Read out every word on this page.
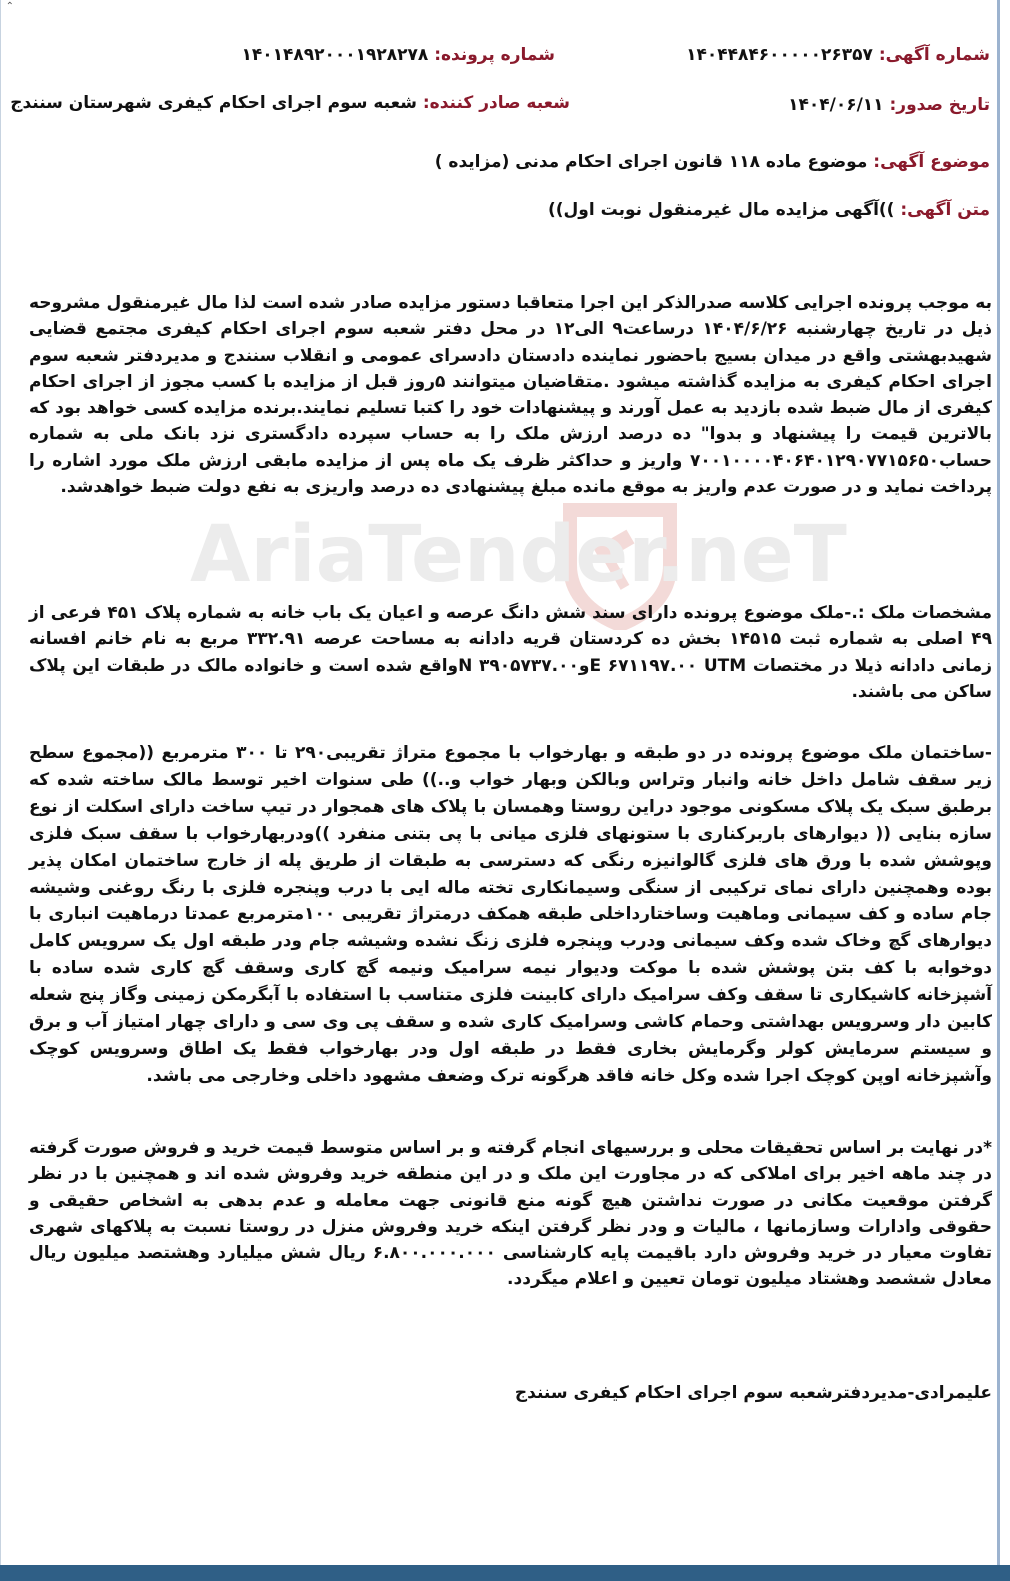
⌃
AriaTender.neT
شماره آگهی: ۱۴۰۴۴۸۴۶۰۰۰۰۰۲۶۳۵۷
شماره پرونده: ۱۴۰۱۴۸۹۲۰۰۰۱۹۲۸۲۷۸
تاریخ صدور: ۱۴۰۴/۰۶/۱۱
شعبه صادر کننده: شعبه سوم اجرای احکام کیفری شهرستان سنندج
موضوع آگهی: موضوع ماده ۱۱۸ قانون اجرای احکام مدنی (مزایده )
متن آگهی: ))آگهی مزایده مال غیرمنقول نوبت اول))
به موجب پرونده اجرایی کلاسه صدرالذکر این اجرا متعاقبا دستور مزایده صادر شده است لذا مال غیرمنقول مشروحه ذیل در تاریخ چهارشنبه ۱۴۰۴/۶/۲۶ درساعت۹ الی۱۲ در محل دفتر شعبه سوم اجرای احکام کیفری مجتمع قضایی شهیدبهشتی واقع در میدان بسیج باحضور نماینده دادستان دادسرای عمومی و انقلاب سنندج و مدیردفتر شعبه سوم اجرای احکام کیفری به مزایده گذاشته میشود .متقاضیان میتوانند ۵روز قبل از مزایده با کسب مجوز از اجرای احکام کیفری از مال ضبط شده بازدید به عمل آورند و پیشنهادات خود را کتبا تسلیم نمایند.برنده مزایده کسی خواهد بود که بالاترین قیمت را پیشنهاد و بدوا" ده درصد ارزش ملک را به حساب سپرده دادگستری نزد بانک ملی به شماره حساب۷۰۰۱۰۰۰۰۴۰۶۴۰۱۲۹۰۷۷۱۵۶۵۰ واریز و حداکثر ظرف یک ماه پس از مزایده مابقی ارزش ملک مورد اشاره را پرداخت نماید و در صورت عدم واریز به موقع مانده مبلغ پیشنهادی ده درصد واریزی به نفع دولت ضبط خواهدشد.
مشخصات ملک :.-ملک موضوع پرونده دارای سند شش دانگ عرصه و اعیان یک باب خانه به شماره پلاک ۴۵۱ فرعی از ۴۹ اصلی به شماره ثبت ۱۴۵۱۵ بخش ده کردستان قریه دادانه به مساحت عرصه ۳۳۲.۹۱ مربع به نام خانم افسانه زمانی دادانه ذیلا در مختصات E ۶۷۱۱۹۷.۰۰ UTMو۳۹۰۵۷۳۷.۰۰ Nواقع شده است و خانواده مالک در طبقات این پلاک ساکن می باشند.
-ساختمان ملک موضوع پرونده در دو طبقه و بهارخواب با مجموع متراژ تقریبی۲۹۰ تا ۳۰۰ مترمربع ((مجموع سطح زیر سقف شامل داخل خانه وانبار وتراس وبالکن وبهار خواب و..)) طی سنوات اخیر توسط مالک ساخته شده که برطبق سبک یک پلاک مسکونی موجود دراین روستا وهمسان با پلاک های همجوار در تیپ ساخت دارای اسکلت از نوع سازه بنایی (( دیوارهای باربرکناری با ستونهای فلزی میانی با پی بتنی منفرد ))ودربهارخواب با سقف سبک فلزی وپوشش شده با ورق های فلزی گالوانیزه رنگی که دسترسی به طبقات از طریق پله از خارج ساختمان امکان پذیر بوده وهمچنین دارای نمای ترکیبی از سنگی وسیمانکاری تخته ماله ایی با درب وپنجره فلزی با رنگ روغنی وشیشه جام ساده و کف سیمانی وماهیت وساختارداخلی طبقه همکف درمتراژ تقریبی ۱۰۰مترمربع عمدتا درماهیت انباری با دیوارهای گچ وخاک شده وکف سیمانی ودرب وپنجره فلزی زنگ نشده وشیشه جام ودر طبقه اول یک سرویس کامل دوخوابه با کف بتن پوشش شده با موکت ودیوار نیمه سرامیک ونیمه گچ کاری وسقف گچ کاری شده ساده با آشپزخانه کاشیکاری تا سقف وکف سرامیک دارای کابینت فلزی متناسب با استفاده با آبگرمکن زمینی وگاز پنج شعله کابین دار وسرویس بهداشتی وحمام کاشی وسرامیک کاری شده و سقف پی وی سی و دارای چهار امتیاز آب و برق و سیستم سرمایش کولر وگرمایش بخاری فقط در طبقه اول ودر بهارخواب فقط یک اطاق وسرویس کوچک وآشپزخانه اوپن کوچک اجرا شده وکل خانه فاقد هرگونه ترک وضعف مشهود داخلی وخارجی می باشد.
*در نهایت بر اساس تحقیقات محلی و بررسیهای انجام گرفته و بر اساس متوسط قیمت خرید و فروش صورت گرفته در چند ماهه اخیر برای املاکی که در مجاورت این ملک و در این منطقه خرید وفروش شده اند و همچنین با در نظر گرفتن موقعیت مکانی در صورت نداشتن هیچ گونه منع قانونی جهت معامله و عدم بدهی به اشخاص حقیقی و حقوقی وادارات وسازمانها ، مالیات و ودر نظر گرفتن اینکه خرید وفروش منزل در روستا نسبت به پلاکهای شهری تفاوت معیار در خرید وفروش دارد باقیمت پایه کارشناسی ۶.۸۰۰.۰۰۰.۰۰۰ ریال شش میلیارد وهشتصد میلیون ریال معادل ششصد وهشتاد میلیون تومان تعیین و اعلام میگردد.
علیمرادی-مدیردفترشعبه سوم اجرای احکام کیفری سنندج
